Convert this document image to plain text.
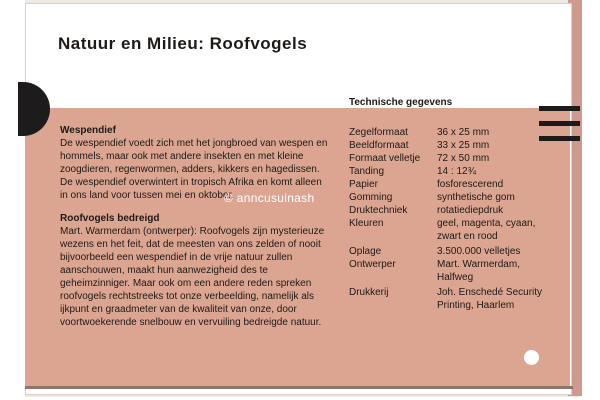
Natuur en Milieu: Roofvogels
Technische gegevens
Wespendief

De wespendief voedt zich met het jongbroed van wespen en hommels, maar ook met andere insekten en met kleine zoogdieren, regenwormen, adders, kikkers en hagedissen. De wespendief overwintert in tropisch Afrika en komt alleen in ons land voor tussen mei en oktober.

Roofvogels bedreigd

Mart. Warmerdam (ontwerper): Roofvogels zijn mysterieuze wezens en het feit, dat de meesten van ons zelden of nooit bijvoorbeeld een wespendief in de vrije natuur zullen aanschouwen, maakt hun aanwezigheid des te geheimzinniger. Maar ook om een andere reden spreken roofvogels rechtstreeks tot onze verbeelding, namelijk als ijkpunt en graadmeter van de kwaliteit van onze, door voortwoekerende snelbouw en vervuiling bedreigde natuur.

Zegelformaat	36 x 25 mm
Beeldformaat	33 x 25 mm
Formaat velletje	72 x 50 mm
Tanding	14 : 12¾
Papier	fosforescerend
Gomming	synthetische gom
Druktechniek	rotatiediepdruk
Kleuren	geel, magenta, cyaan,
zwart en rood
Oplage	3.500.000 velletjes
Ontwerper	Mart. Warmerdam,
Halfweg
Drukkerij	Joh. Enschedé Security
Printing, Haarlem
© anncusuinash
